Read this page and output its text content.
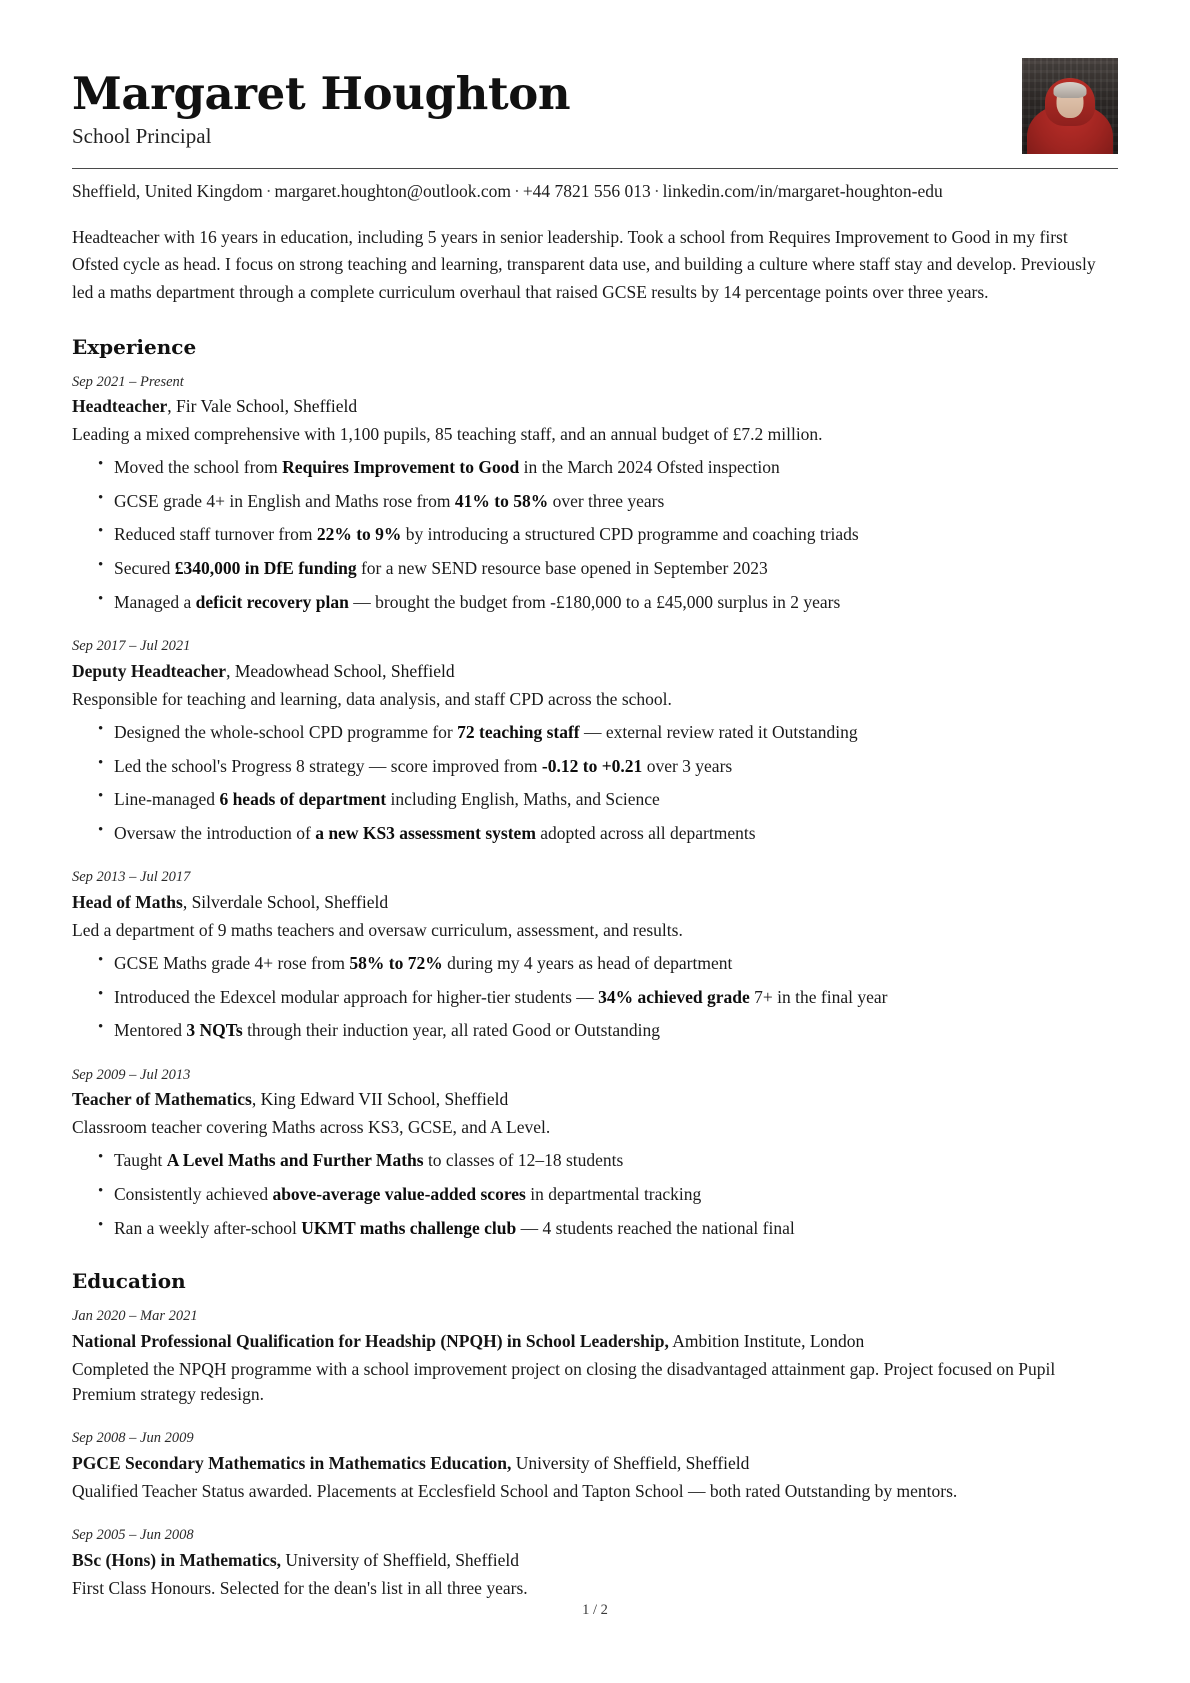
Margaret Houghton

School Principal

Sheffield, United Kingdom · margaret.houghton@outlook.com · +44 7821 556 013 · linkedin.com/in/margaret-houghton-edu

Headteacher with 16 years in education, including 5 years in senior leadership. Took a school from Requires Improvement to Good in my first Ofsted cycle as head. I focus on strong teaching and learning, transparent data use, and building a culture where staff stay and develop. Previously led a maths department through a complete curriculum overhaul that raised GCSE results by 14 percentage points over three years.

Experience
Sep 2021 – Present
Headteacher, Fir Vale School, Sheffield
Leading a mixed comprehensive with 1,100 pupils, 85 teaching staff, and an annual budget of £7.2 million.
• Moved the school from Requires Improvement to Good in the March 2024 Ofsted inspection
• GCSE grade 4+ in English and Maths rose from 41% to 58% over three years
• Reduced staff turnover from 22% to 9% by introducing a structured CPD programme and coaching triads
• Secured £340,000 in DfE funding for a new SEND resource base opened in September 2023
• Managed a deficit recovery plan — brought the budget from -£180,000 to a £45,000 surplus in 2 years
Sep 2017 – Jul 2021
Deputy Headteacher, Meadowhead School, Sheffield
Responsible for teaching and learning, data analysis, and staff CPD across the school.
• Designed the whole-school CPD programme for 72 teaching staff — external review rated it Outstanding
• Led the school's Progress 8 strategy — score improved from -0.12 to +0.21 over 3 years
• Line-managed 6 heads of department including English, Maths, and Science
• Oversaw the introduction of a new KS3 assessment system adopted across all departments
Sep 2013 – Jul 2017
Head of Maths, Silverdale School, Sheffield
Led a department of 9 maths teachers and oversaw curriculum, assessment, and results.
• GCSE Maths grade 4+ rose from 58% to 72% during my 4 years as head of department
• Introduced the Edexcel modular approach for higher-tier students — 34% achieved grade 7+ in the final year
• Mentored 3 NQTs through their induction year, all rated Good or Outstanding
Sep 2009 – Jul 2013
Teacher of Mathematics, King Edward VII School, Sheffield
Classroom teacher covering Maths across KS3, GCSE, and A Level.
• Taught A Level Maths and Further Maths to classes of 12–18 students
• Consistently achieved above-average value-added scores in departmental tracking
• Ran a weekly after-school UKMT maths challenge club — 4 students reached the national final
Education
Jan 2020 – Mar 2021
National Professional Qualification for Headship (NPQH) in School Leadership, Ambition Institute, London
Completed the NPQH programme with a school improvement project on closing the disadvantaged attainment gap. Project focused on Pupil Premium strategy redesign.
Sep 2008 – Jun 2009
PGCE Secondary Mathematics in Mathematics Education, University of Sheffield, Sheffield
Qualified Teacher Status awarded. Placements at Ecclesfield School and Tapton School — both rated Outstanding by mentors.
Sep 2005 – Jun 2008
BSc (Hons) in Mathematics, University of Sheffield, Sheffield
First Class Honours. Selected for the dean's list in all three years.
1 / 2
